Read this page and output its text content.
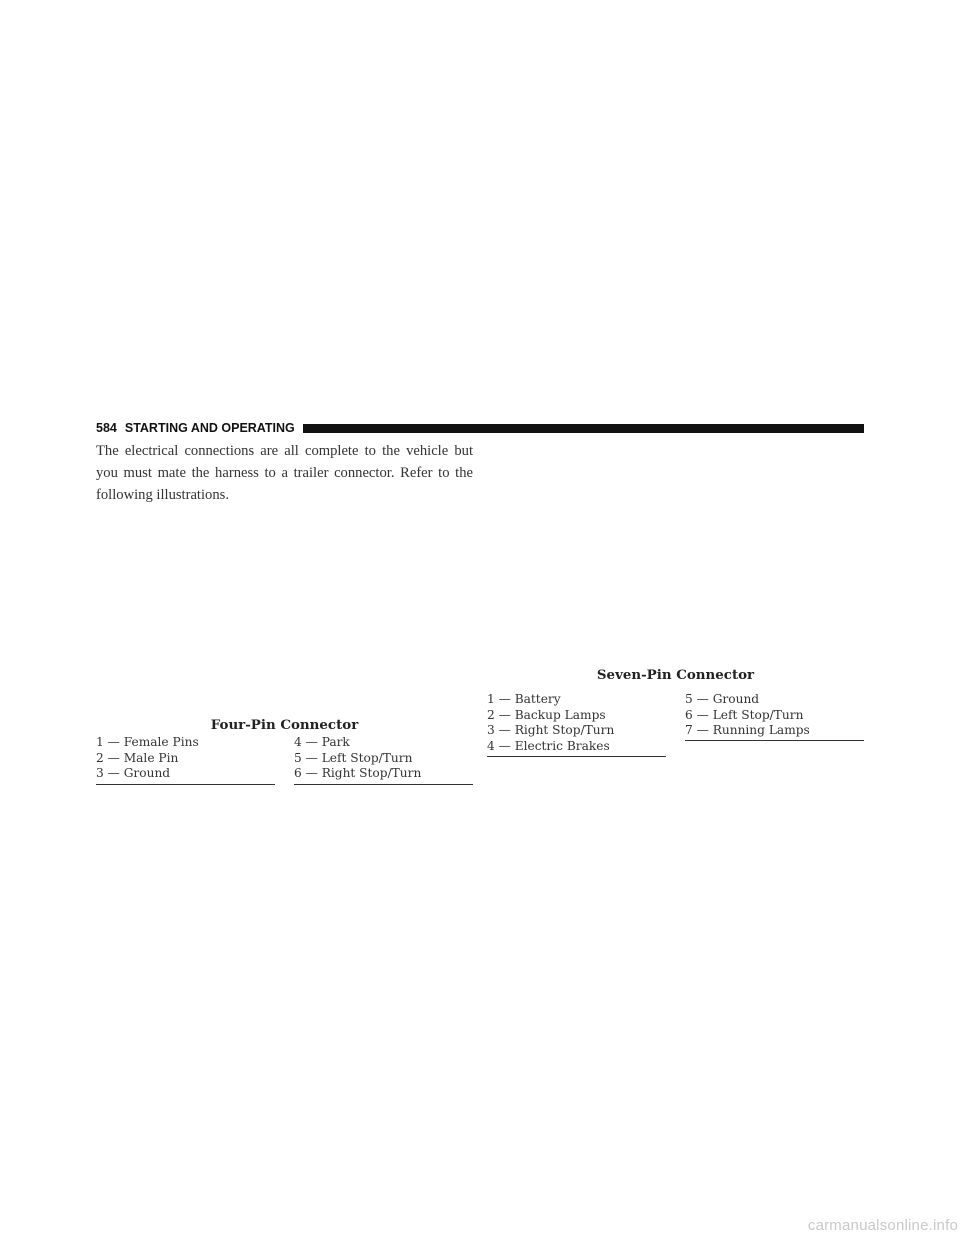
584 STARTING AND OPERATING

The electrical connections are all complete to the vehicle but you must mate the harness to a trailer connector. Refer to the following illustrations.

Four-Pin Connector
1 — Female Pins
2 — Male Pin
3 — Ground
4 — Park
5 — Left Stop/Turn
6 — Right Stop/Turn
Seven-Pin Connector
1 — Battery
2 — Backup Lamps
3 — Right Stop/Turn
4 — Electric Brakes
5 — Ground
6 — Left Stop/Turn
7 — Running Lamps
carmanualsonline.info
